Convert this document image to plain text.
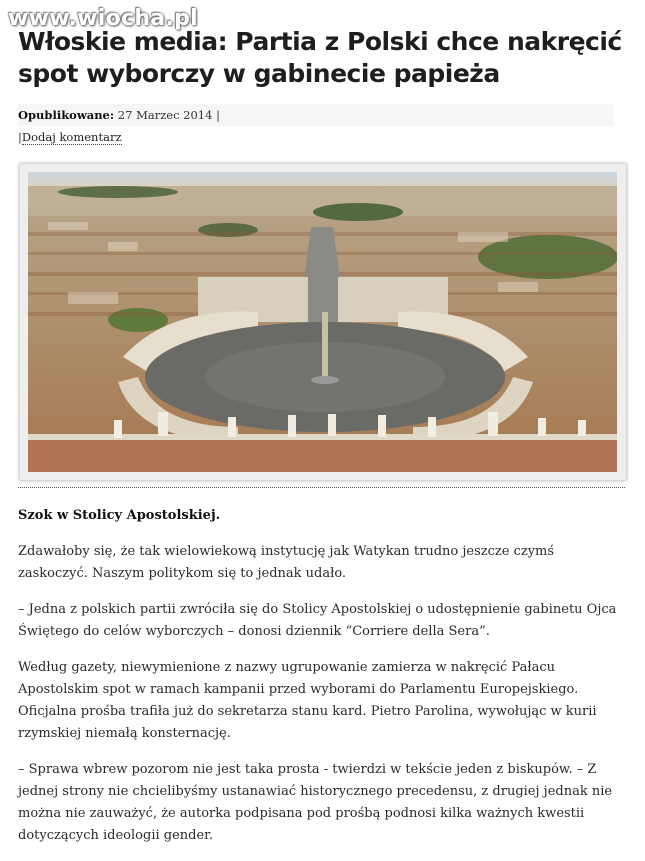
www.wiocha.pl
Włoskie media: Partia z Polski chce nakręcić spot wyborczy w gabinecie papieża
Opublikowane: 27 Marzec 2014 |
|Dodaj komentarz

Szok w Stolicy Apostolskiej.

Zdawałoby się, że tak wielowiekową instytucję jak Watykan trudno jeszcze czymś zaskoczyć. Naszym politykom się to jednak udało.

– Jedna z polskich partii zwróciła się do Stolicy Apostolskiej o udostępnienie gabinetu Ojca Świętego do celów wyborczych – donosi dziennik “Corriere della Sera”.

Według gazety, niewymienione z nazwy ugrupowanie zamierza w nakręcić Pałacu Apostolskim spot w ramach kampanii przed wyborami do Parlamentu Europejskiego. Oficjalna prośba trafiła już do sekretarza stanu kard. Pietro Parolina, wywołując w kurii rzymskiej niemałą konsternację.

– Sprawa wbrew pozorom nie jest taka prosta - twierdzi w tekście jeden z biskupów. – Z jednej strony nie chcielibyśmy ustanawiać historycznego precedensu, z drugiej jednak nie można nie zauważyć, że autorka podpisana pod prośbą podnosi kilka ważnych kwestii dotyczących ideologii gender.
